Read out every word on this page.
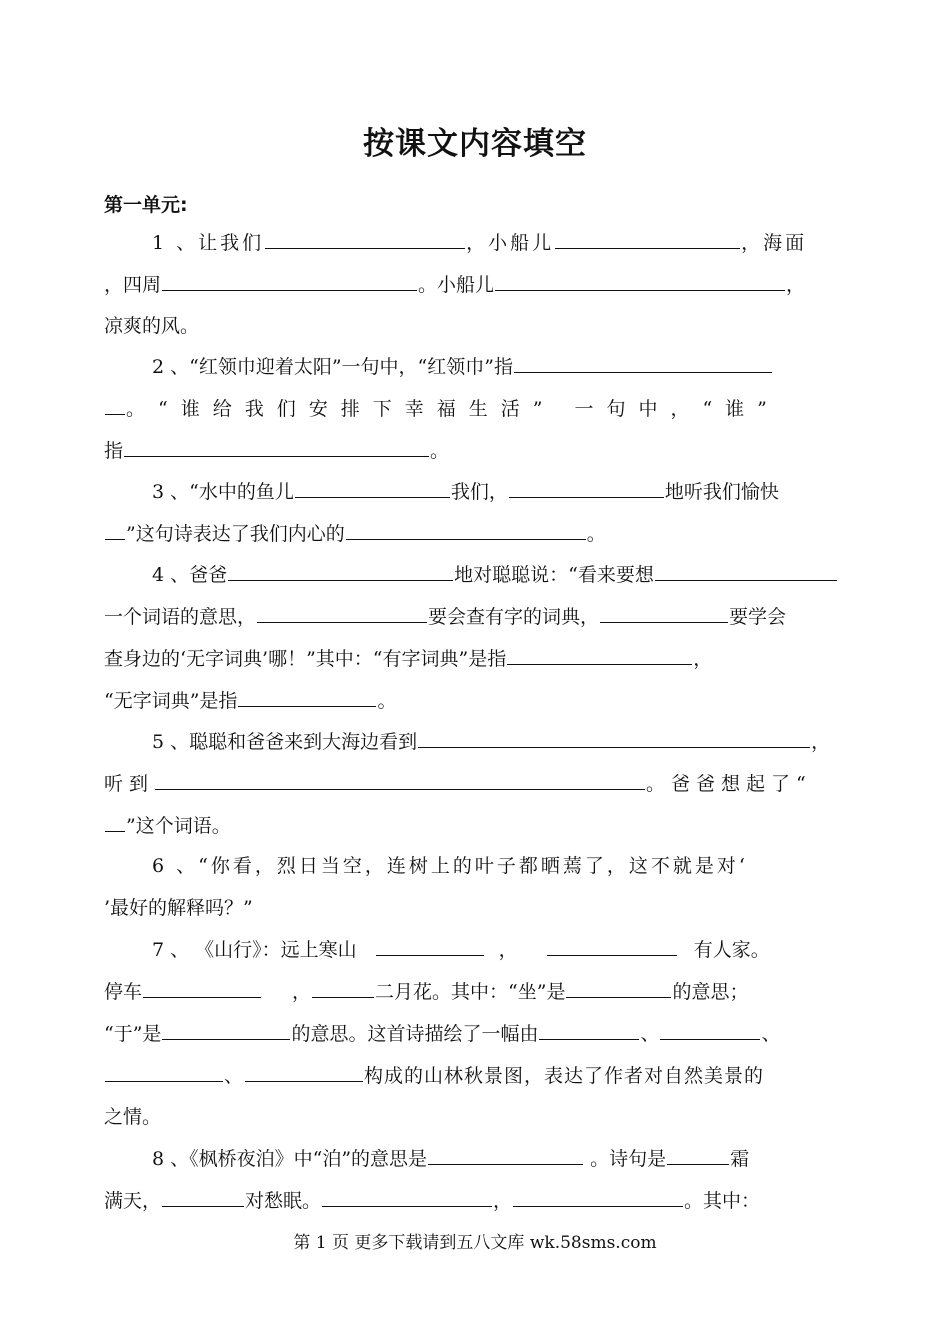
按课文内容填空
第一单元:
1 、让我们	，小船儿	，海面
，四周	。小船儿	，
凉爽的风。
2 、“红领巾迎着太阳”一句中，“红领巾”指
。“谁给我们安排下幸福生活” 一句中，“谁”
指	。
3 、“水中的鱼儿	我们，	地听我们愉快
”这句诗表达了我们内心的	。
4 、爸爸	地对聪聪说：“看来要想
一个词语的意思，	要会查有字的词典，	要学会
查身边的‘无字词典’哪！”其中：“有字词典”是指	，
“无字词典”是指	。
5 、聪聪和爸爸来到大海边看到	，
听到	。爸爸想起了“
”这个词语。
6 、“你看，烈日当空，连树上的叶子都晒蔫了，这不就是对‘
’最好的解释吗？”
7 、 《山行》：远上寒山	，	有人家。
停车	，	二月花。其中：“坐”是	的意思；
“于”是	的意思。这首诗描绘了一幅由	、	、
、	构成的山林秋景图，表达了作者对自然美景的
之情。
8 、《枫桥夜泊》中“泊”的意思是	。诗句是	霜
满天，	对愁眠。	，	。其中：
第 1 页 更多下载请到五八文库 wk.58sms.com
